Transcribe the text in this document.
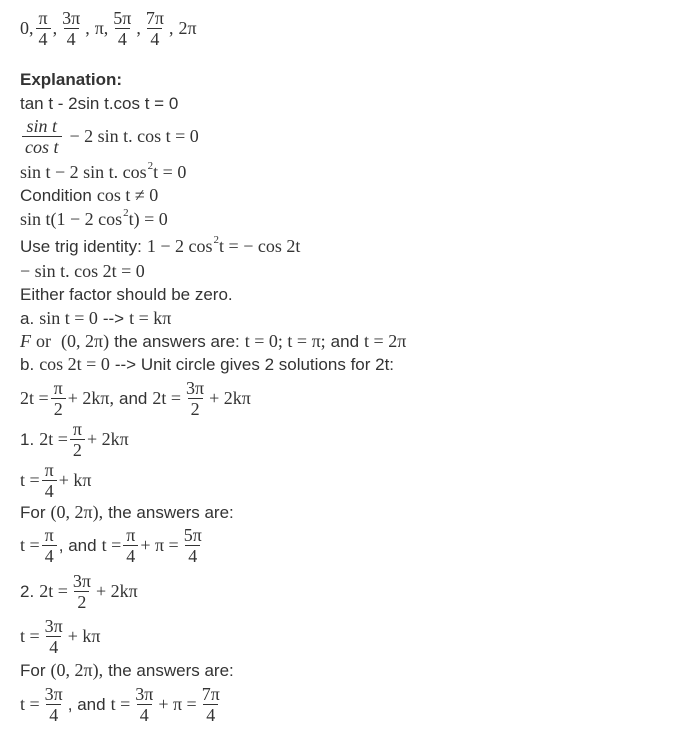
0, $\frac{\pi}{4}$ , $\frac{3\pi}{4}$ , π, $\frac{5\pi}{4}$ , $\frac{7\pi}{4}$ , 2π
Explanation:
tan t - 2sin t.cos t = 0
$\frac{\text{sin t}}{\text{cos t}} - 2$ sin t. cos t = 0
sin t − 2 sin t. cos 2 t = 0
Condition cos t ≠ 0
sin t(1 − 2 cos 2 t) = 0
Use trig identity: 1 − 2 cos 2 t = − cos 2t
− sin t. cos 2t = 0
Either factor should be zero.
a. sin t = 0 --> t = kπ
F or (0, 2π) the answers are: t = 0; t = π; and t = 2π
b. cos 2t = 0 --> Unit circle gives 2 solutions for 2t:
$2t = \frac{\pi}{2} + 2k\pi$, and $2t = \frac{3\pi}{2} + 2k\pi$
1. $2t = \frac{\pi}{2} + 2k\pi$
$t = \frac{\pi}{4} + k\pi$
For (0, 2π), the answers are:
$t = \frac{\pi}{4}$ , and $t = \frac{\pi}{4} + \pi = \frac{5\pi}{4}$
2. $2t = \frac{3\pi}{2} + 2k\pi$
$t = \frac{3\pi}{4} + k\pi$
For (0, 2π), the answers are:
$t = \frac{3\pi}{4}$ , and $t = \frac{3\pi}{4} + \pi = \frac{7\pi}{4}$
